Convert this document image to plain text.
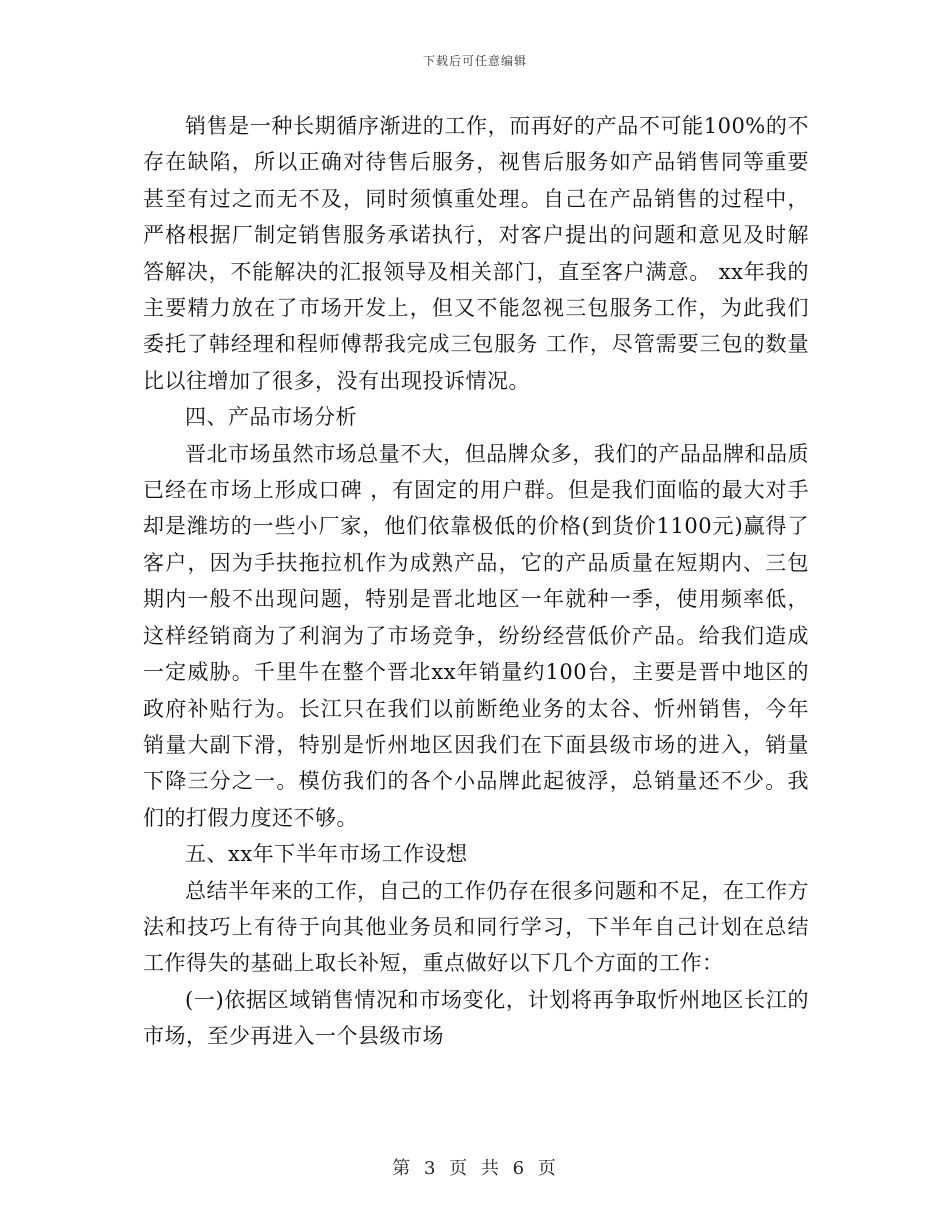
下载后可任意编辑

销售是一种长期循序渐进的工作，而再好的产品不可能100%的不存在缺陷，所以正确对待售后服务，视售后服务如产品销售同等重要甚至有过之而无不及，同时须慎重处理。自己在产品销售的过程中，严格根据厂制定销售服务承诺执行，对客户提出的问题和意见及时解答解决，不能解决的汇报领导及相关部门，直至客户满意。 xx年我的主要精力放在了市场开发上，但又不能忽视三包服务工作，为此我们委托了韩经理和程师傅帮我完成三包服务 工作，尽管需要三包的数量比以往增加了很多，没有出现投诉情况。

四、产品市场分析

晋北市场虽然市场总量不大，但品牌众多，我们的产品品牌和品质已经在市场上形成口碑 ，有固定的用户群。但是我们面临的最大对手却是潍坊的一些小厂家，他们依靠极低的价格(到货价1100元)赢得了客户，因为手扶拖拉机作为成熟产品，它的产品质量在短期内、三包期内一般不出现问题，特别是晋北地区一年就种一季，使用频率低，这样经销商为了利润为了市场竞争，纷纷经营低价产品。给我们造成一定威胁。千里牛在整个晋北xx年销量约100台，主要是晋中地区的政府补贴行为。长江只在我们以前断绝业务的太谷、忻州销售，今年销量大副下滑，特别是忻州地区因我们在下面县级市场的进入，销量下降三分之一。模仿我们的各个小品牌此起彼浮，总销量还不少。我们的打假力度还不够。

五、xx年下半年市场工作设想

总结半年来的工作，自己的工作仍存在很多问题和不足，在工作方法和技巧上有待于向其他业务员和同行学习，下半年自己计划在总结工作得失的基础上取长补短，重点做好以下几个方面的工作：

(一)依据区域销售情况和市场变化，计划将再争取忻州地区长江的市场，至少再进入一个县级市场

第 3 页 共 6 页
